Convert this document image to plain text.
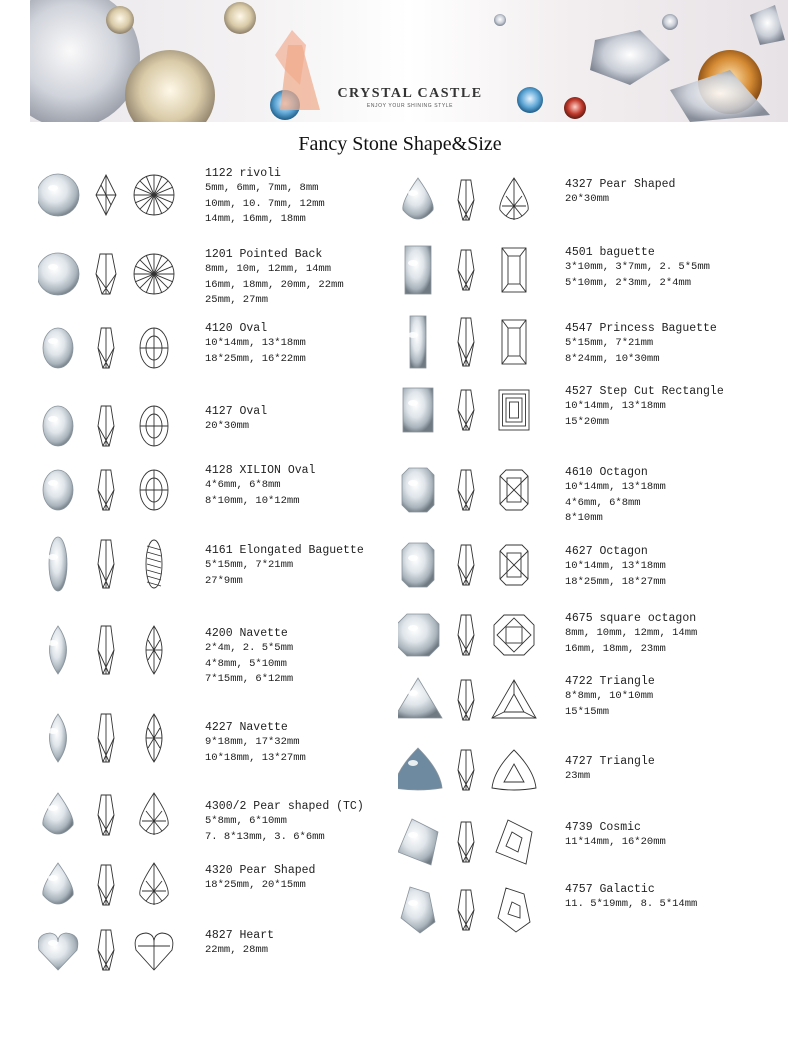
CRYSTAL CASTLE
ENJOY YOUR SHINING STYLE
Fancy Stone Shape&Size
1122 rivoli
5mm, 6mm, 7mm, 8mm
10mm, 10. 7mm, 12mm
14mm, 16mm, 18mm
1201 Pointed Back
8mm, 10m, 12mm, 14mm
16mm, 18mm, 20mm, 22mm
25mm, 27mm
4120 Oval
10*14mm, 13*18mm
18*25mm, 16*22mm
4127 Oval
20*30mm
4128 XILION Oval
4*6mm, 6*8mm
8*10mm, 10*12mm
4161 Elongated Baguette
5*15mm, 7*21mm
27*9mm
4200 Navette
2*4m, 2. 5*5mm
4*8mm, 5*10mm
7*15mm, 6*12mm
4227 Navette
9*18mm, 17*32mm
10*18mm, 13*27mm
4300/2 Pear shaped (TC)
5*8mm, 6*10mm
7. 8*13mm, 3. 6*6mm
4320 Pear Shaped
18*25mm, 20*15mm
4827 Heart
22mm, 28mm
4327 Pear Shaped
20*30mm
4501 baguette
3*10mm, 3*7mm, 2. 5*5mm
5*10mm, 2*3mm, 2*4mm
4547 Princess Baguette
5*15mm, 7*21mm
8*24mm, 10*30mm
4527 Step Cut Rectangle
10*14mm, 13*18mm
15*20mm
4610 Octagon
10*14mm, 13*18mm
4*6mm, 6*8mm
8*10mm
4627 Octagon
10*14mm, 13*18mm
18*25mm, 18*27mm
4675 square octagon
8mm, 10mm, 12mm, 14mm
16mm, 18mm, 23mm
4722 Triangle
8*8mm, 10*10mm
15*15mm
4727 Triangle
23mm
4739 Cosmic
11*14mm, 16*20mm
4757 Galactic
11. 5*19mm, 8. 5*14mm
